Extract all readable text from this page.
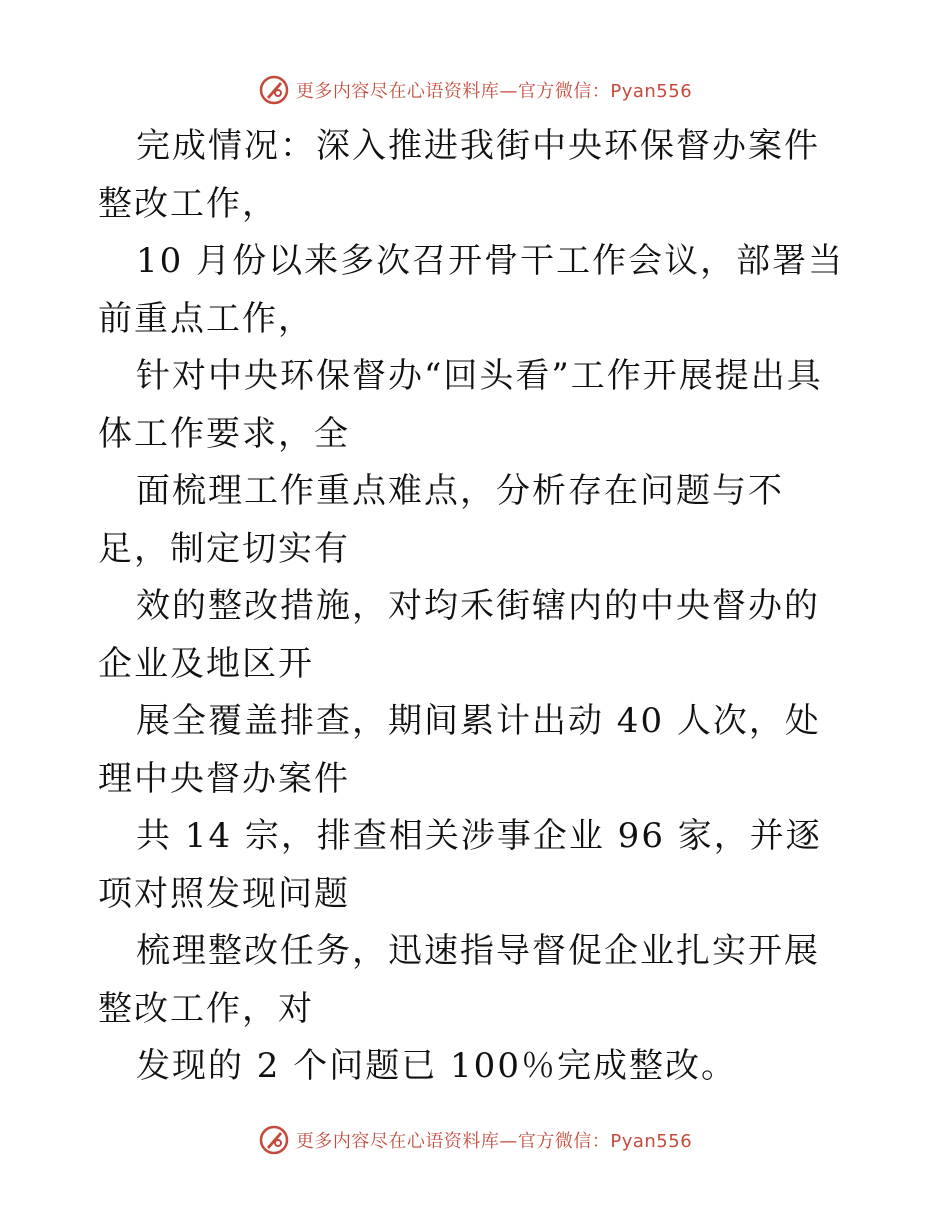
更多内容尽在心语资料库—官方微信：Pyan556

完成情况：深入推进我街中央环保督办案件整改工作，

10 月份以来多次召开骨干工作会议，部署当前重点工作，

针对中央环保督办“回头看”工作开展提出具体工作要求，全

面梳理工作重点难点，分析存在问题与不足，制定切实有

效的整改措施，对均禾街辖内的中央督办的企业及地区开

展全覆盖排查，期间累计出动 40 人次，处理中央督办案件

共 14 宗，排查相关涉事企业 96 家，并逐项对照发现问题

梳理整改任务，迅速指导督促企业扎实开展整改工作，对

发现的 2 个问题已 100％完成整改。

更多内容尽在心语资料库—官方微信：Pyan556
